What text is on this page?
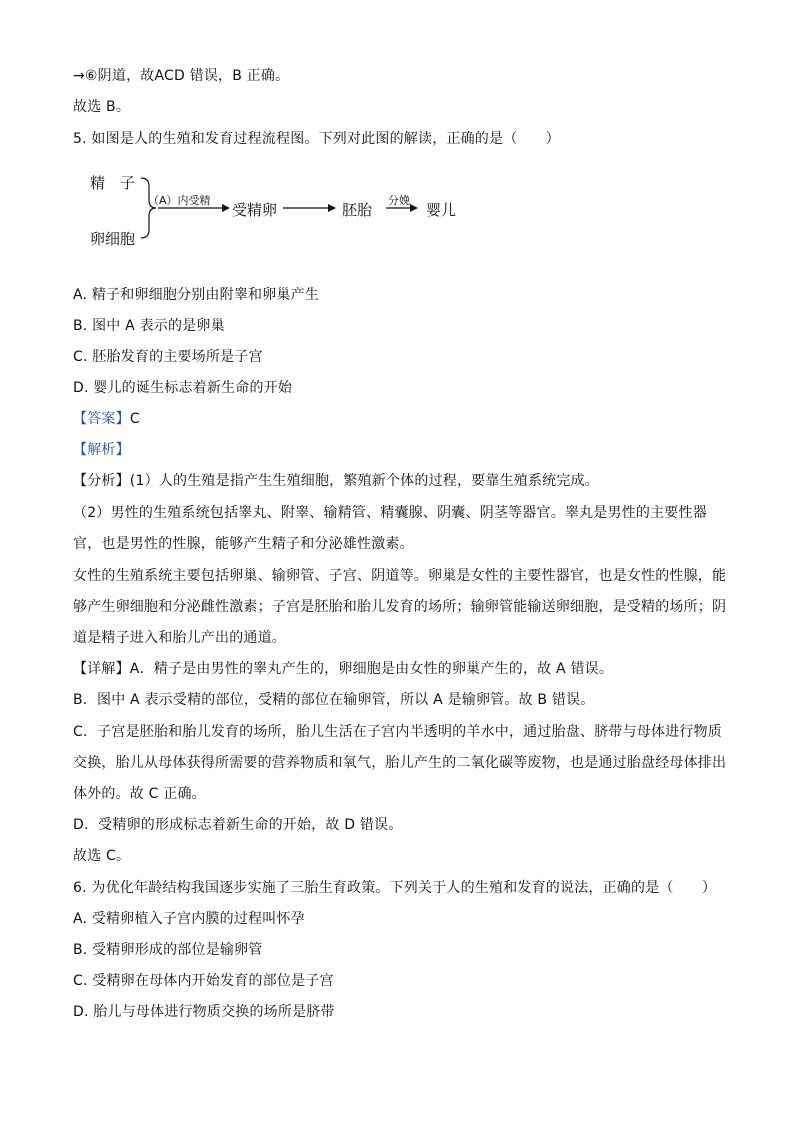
→⑥阴道，故ACD 错误，B 正确。
故选 B。
5. 如图是人的生殖和发育过程流程图。下列对此图的解读，正确的是（　　）
精　子
卵细胞
（A）内受精
受精卵	胚胎
分娩
婴儿
A. 精子和卵细胞分别由附睾和卵巢产生
B. 图中 A 表示的是卵巢
C. 胚胎发育的主要场所是子宫
D. 婴儿的诞生标志着新生命的开始
【答案】C
【解析】
【分析】(1）人的生殖是指产生生殖细胞，繁殖新个体的过程，要靠生殖系统完成。
（2）男性的生殖系统包括睾丸、附睾、输精管、精囊腺、阴囊、阴茎等器官。睾丸是男性的主要性器
官，也是男性的性腺，能够产生精子和分泌雄性激素。
女性的生殖系统主要包括卵巢、输卵管、子宫、阴道等。卵巢是女性的主要性器官，也是女性的性腺，能
够产生卵细胞和分泌雌性激素；子宫是胚胎和胎儿发育的场所；输卵管能输送卵细胞，是受精的场所；阴
道是精子进入和胎儿产出的通道。
【详解】A．精子是由男性的睾丸产生的，卵细胞是由女性的卵巢产生的，故 A 错误。
B．图中 A 表示受精的部位，受精的部位在输卵管，所以 A 是输卵管。故 B 错误。
C．子宫是胚胎和胎儿发育的场所，胎儿生活在子宫内半透明的羊水中，通过胎盘、脐带与母体进行物质
交换，胎儿从母体获得所需要的营养物质和氧气，胎儿产生的二氧化碳等废物，也是通过胎盘经母体排出
体外的。故 C 正确。
D．受精卵的形成标志着新生命的开始，故 D 错误。
故选 C。
6. 为优化年龄结构我国逐步实施了三胎生育政策。下列关于人的生殖和发育的说法，正确的是（　　）
A. 受精卵植入子宫内膜的过程叫怀孕
B. 受精卵形成的部位是输卵管
C. 受精卵在母体内开始发育的部位是子宫
D. 胎儿与母体进行物质交换的场所是脐带
